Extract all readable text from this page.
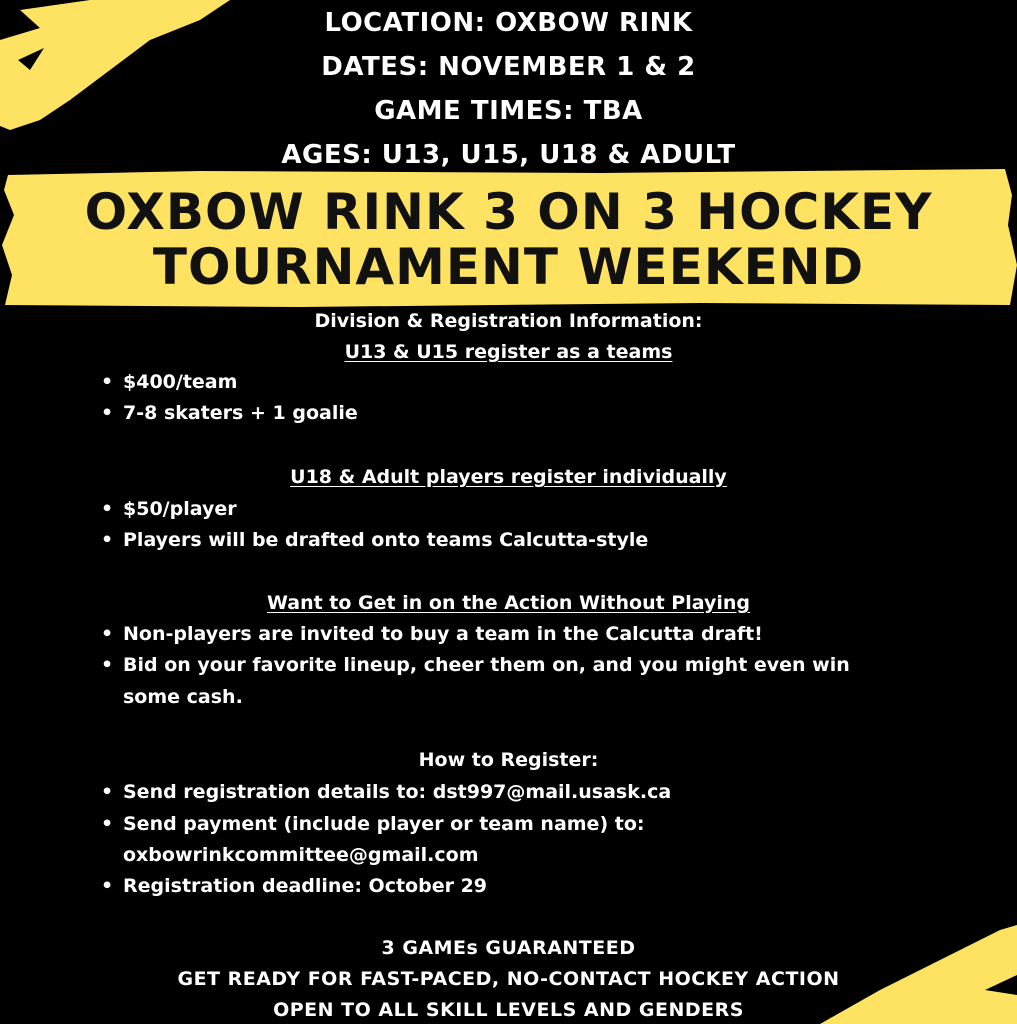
LOCATION: OXBOW RINK
DATES: NOVEMBER 1 & 2
GAME TIMES: TBA
AGES: U13, U15, U18 & ADULT
OXBOW RINK 3 ON 3 HOCKEY
TOURNAMENT WEEKEND
Division & Registration Information:
U13 & U15 register as a teams
• $400/team
• 7-8 skaters + 1 goalie
U18 & Adult players register individually
• $50/player
• Players will be drafted onto teams Calcutta-style
Want to Get in on the Action Without Playing
• Non-players are invited to buy a team in the Calcutta draft!
• Bid on your favorite lineup, cheer them on, and you might even win
some cash.
How to Register:
• Send registration details to: dst997@mail.usask.ca
• Send payment (include player or team name) to:
oxbowrinkcommittee@gmail.com
• Registration deadline: October 29
3 GAMEs GUARANTEED
GET READY FOR FAST-PACED, NO-CONTACT HOCKEY ACTION
OPEN TO ALL SKILL LEVELS AND GENDERS
